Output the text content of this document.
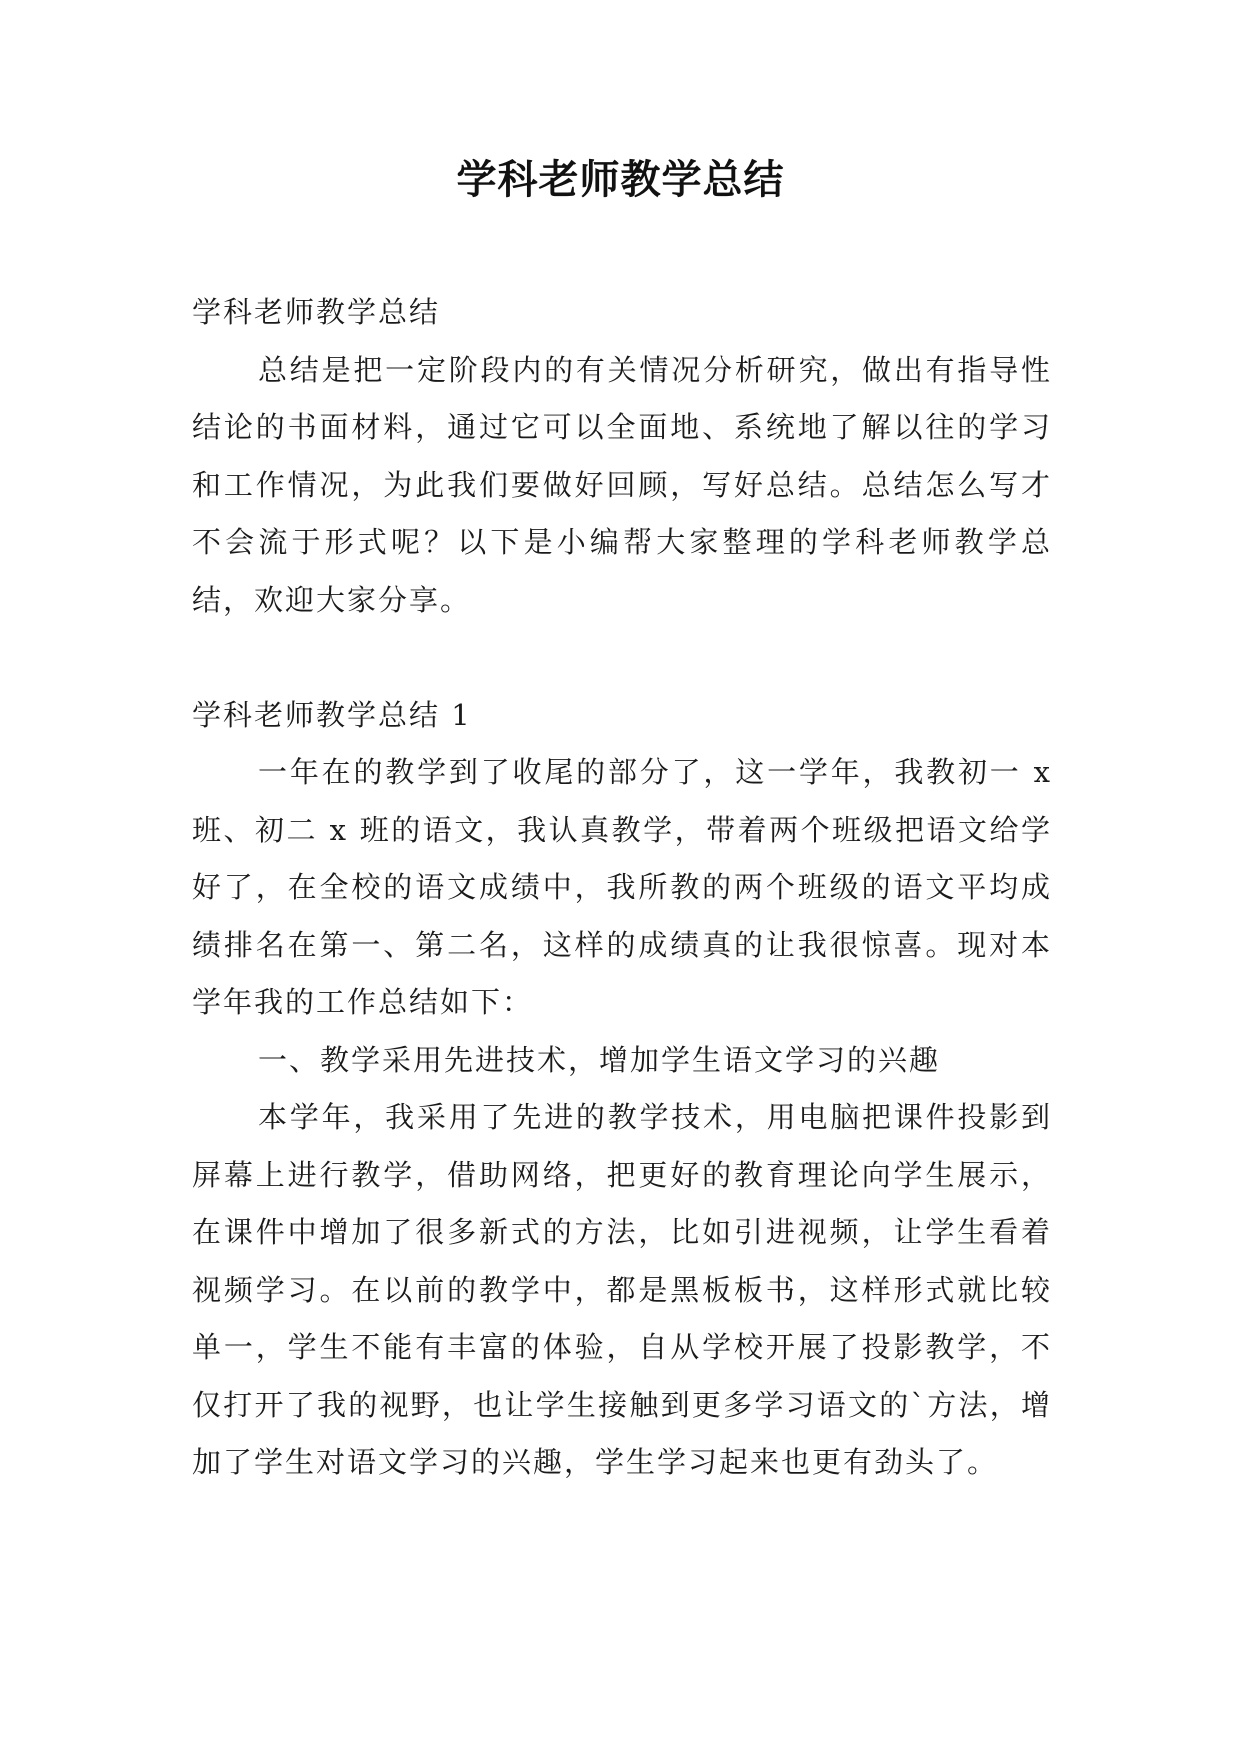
学科老师教学总结

学科老师教学总结

总结是把一定阶段内的有关情况分析研究，做出有指导性结论的书面材料，通过它可以全面地、系统地了解以往的学习和工作情况，为此我们要做好回顾，写好总结。总结怎么写才不会流于形式呢？以下是小编帮大家整理的学科老师教学总结，欢迎大家分享。

学科老师教学总结 1

一年在的教学到了收尾的部分了，这一学年，我教初一 x 班、初二 x 班的语文，我认真教学，带着两个班级把语文给学好了，在全校的语文成绩中，我所教的两个班级的语文平均成绩排名在第一、第二名，这样的成绩真的让我很惊喜。现对本学年我的工作总结如下：

一、教学采用先进技术，增加学生语文学习的兴趣

本学年，我采用了先进的教学技术，用电脑把课件投影到屏幕上进行教学，借助网络，把更好的教育理论向学生展示，在课件中增加了很多新式的方法，比如引进视频，让学生看着视频学习。在以前的教学中，都是黑板板书，这样形式就比较单一，学生不能有丰富的体验，自从学校开展了投影教学，不仅打开了我的视野，也让学生接触到更多学习语文的`方法，增加了学生对语文学习的兴趣，学生学习起来也更有劲头了。
